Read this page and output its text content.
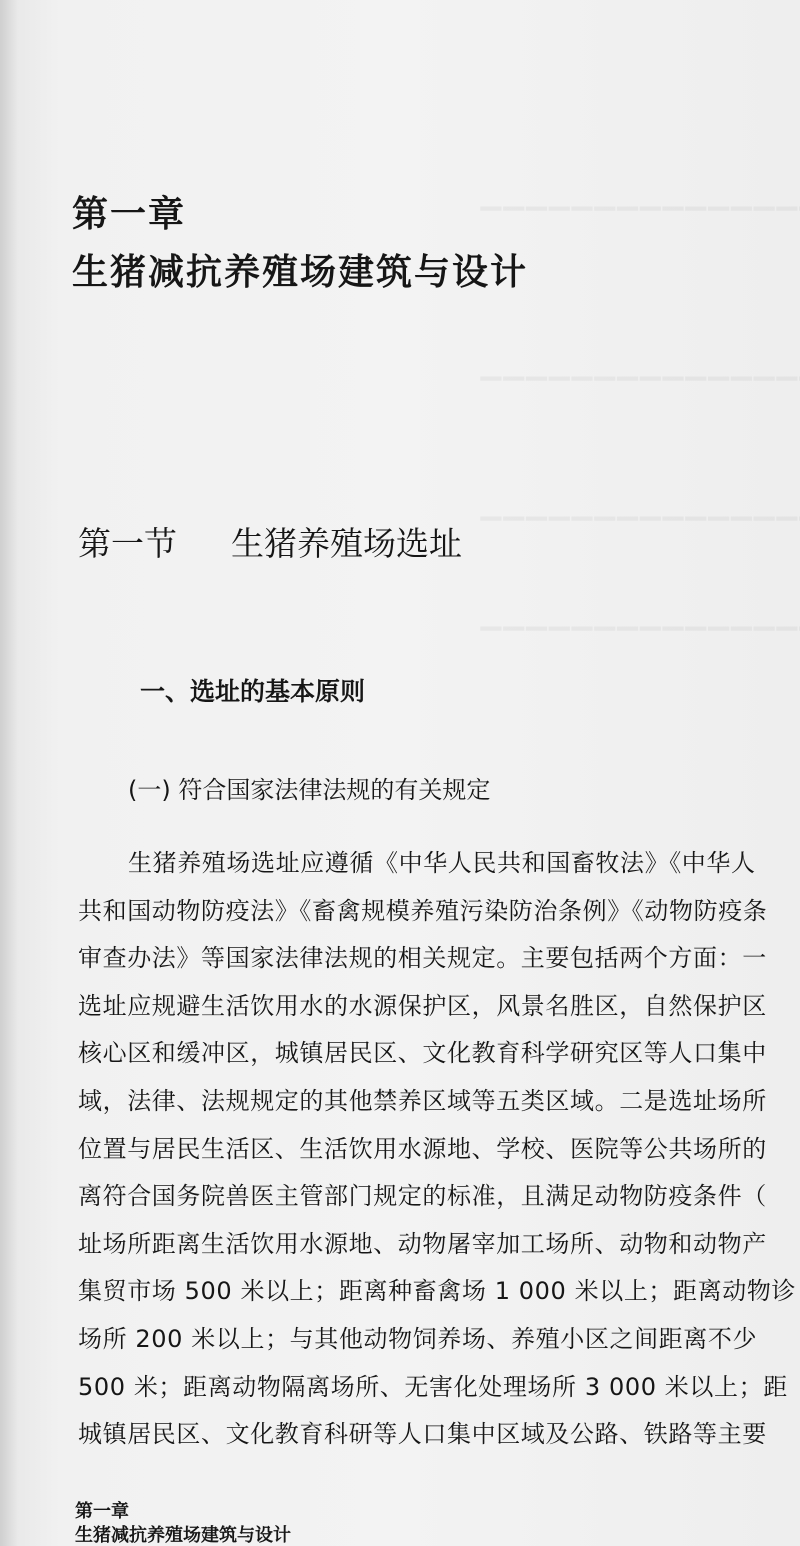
第一章
生猪减抗养殖场建筑与设计
第一节 生猪养殖场选址
一、选址的基本原则
(一) 符合国家法律法规的有关规定
生猪养殖场选址应遵循《中华人民共和国畜牧法》《中华人
共和国动物防疫法》《畜禽规模养殖污染防治条例》《动物防疫条
审查办法》等国家法律法规的相关规定。主要包括两个方面：一
选址应规避生活饮用水的水源保护区，风景名胜区，自然保护区
核心区和缓冲区，城镇居民区、文化教育科学研究区等人口集中
域，法律、法规规定的其他禁养区域等五类区域。二是选址场所
位置与居民生活区、生活饮用水源地、学校、医院等公共场所的
离符合国务院兽医主管部门规定的标准，且满足动物防疫条件（
址场所距离生活饮用水源地、动物屠宰加工场所、动物和动物产
集贸市场 500 米以上；距离种畜禽场 1 000 米以上；距离动物诊
场所 200 米以上；与其他动物饲养场、养殖小区之间距离不少
500 米；距离动物隔离场所、无害化处理场所 3 000 米以上；距
城镇居民区、文化教育科研等人口集中区域及公路、铁路等主要
第一章
生猪减抗养殖场建筑与设计
